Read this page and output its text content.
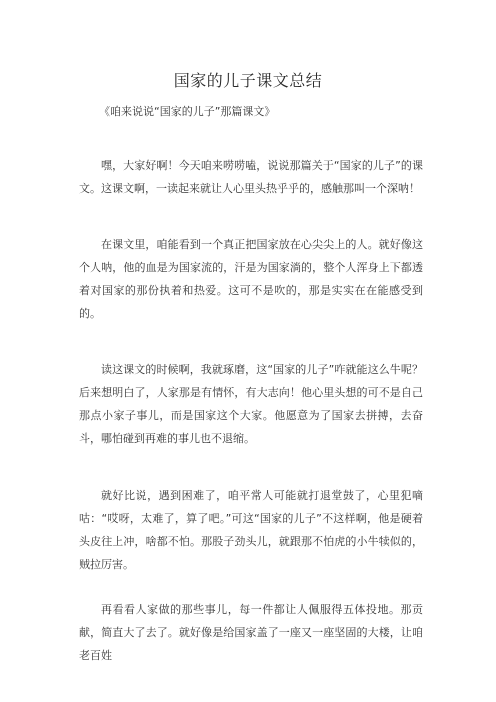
国家的儿子课文总结
《咱来说说“国家的儿子”那篇课文》

嘿，大家好啊！今天咱来唠唠嗑，说说那篇关于“国家的儿子”的课文。这课文啊，一读起来就让人心里头热乎乎的，感触那叫一个深呐！

在课文里，咱能看到一个真正把国家放在心尖尖上的人。就好像这个人呐，他的血是为国家流的，汗是为国家淌的，整个人浑身上下都透着对国家的那份执着和热爱。这可不是吹的，那是实实在在能感受到的。

读这课文的时候啊，我就琢磨，这“国家的儿子”咋就能这么牛呢？后来想明白了，人家那是有情怀，有大志向！他心里头想的可不是自己那点小家子事儿，而是国家这个大家。他愿意为了国家去拼搏，去奋斗，哪怕碰到再难的事儿也不退缩。

就好比说，遇到困难了，咱平常人可能就打退堂鼓了，心里犯嘀咕：“哎呀，太难了，算了吧。”可这“国家的儿子”不这样啊，他是硬着头皮往上冲，啥都不怕。那股子劲头儿，就跟那不怕虎的小牛犊似的，贼拉厉害。

再看看人家做的那些事儿，每一件都让人佩服得五体投地。那贡献，简直大了去了。就好像是给国家盖了一座又一座坚固的大楼，让咱老百姓
